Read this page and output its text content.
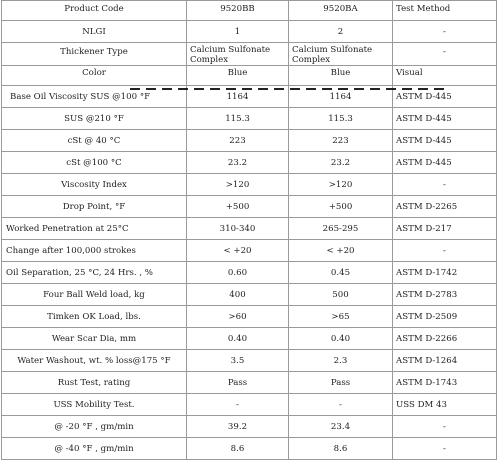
Product Code	9520BB	9520BA	Test Method
NLGI	1	2	-
Thickener Type	Calcium Sulfonate Complex	Calcium Sulfonate Complex	-
Color	Blue	Blue	Visual
Base Oil Viscosity SUS @100 °F	1164	1164	ASTM D-445
SUS @210 °F	115.3	115.3	ASTM D-445
cSt @ 40 °C	223	223	ASTM D-445
cSt @100 °C	23.2	23.2	ASTM D-445
Viscosity Index	>120	>120	-
Drop Point, °F	+500	+500	ASTM D-2265
Worked Penetration at 25°C	310-340	265-295	ASTM D-217
Change after 100,000 strokes	< +20	< +20	-
Oil Separation, 25 °C, 24 Hrs. , %	0.60	0.45	ASTM D-1742
Four Ball Weld load, kg	400	500	ASTM D-2783
Timken OK Load, lbs.	>60	>65	ASTM D-2509
Wear Scar Dia, mm	0.40	0.40	ASTM D-2266
Water Washout, wt. % loss@175 °F	3.5	2.3	ASTM D-1264
Rust Test, rating	Pass	Pass	ASTM D-1743
USS Mobility Test.	-	-	USS DM 43
@ -20 °F , gm/min	39.2	23.4	-
@ -40 °F , gm/min	8.6	8.6	-
